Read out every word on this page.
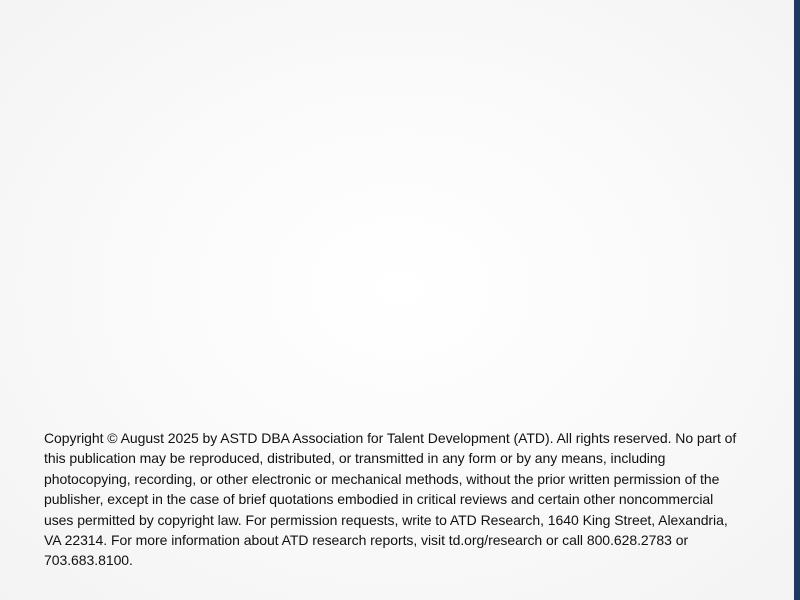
Copyright © August 2025 by ASTD DBA Association for Talent Development (ATD). All rights reserved. No part of this publication may be reproduced, distributed, or transmitted in any form or by any means, including photocopying, recording, or other electronic or mechanical methods, without the prior written permission of the publisher, except in the case of brief quotations embodied in critical reviews and certain other noncommercial uses permitted by copyright law. For permission requests, write to ATD Research, 1640 King Street, Alexandria, VA 22314. For more information about ATD research reports, visit td.org/research or call 800.628.2783 or 703.683.8100.
